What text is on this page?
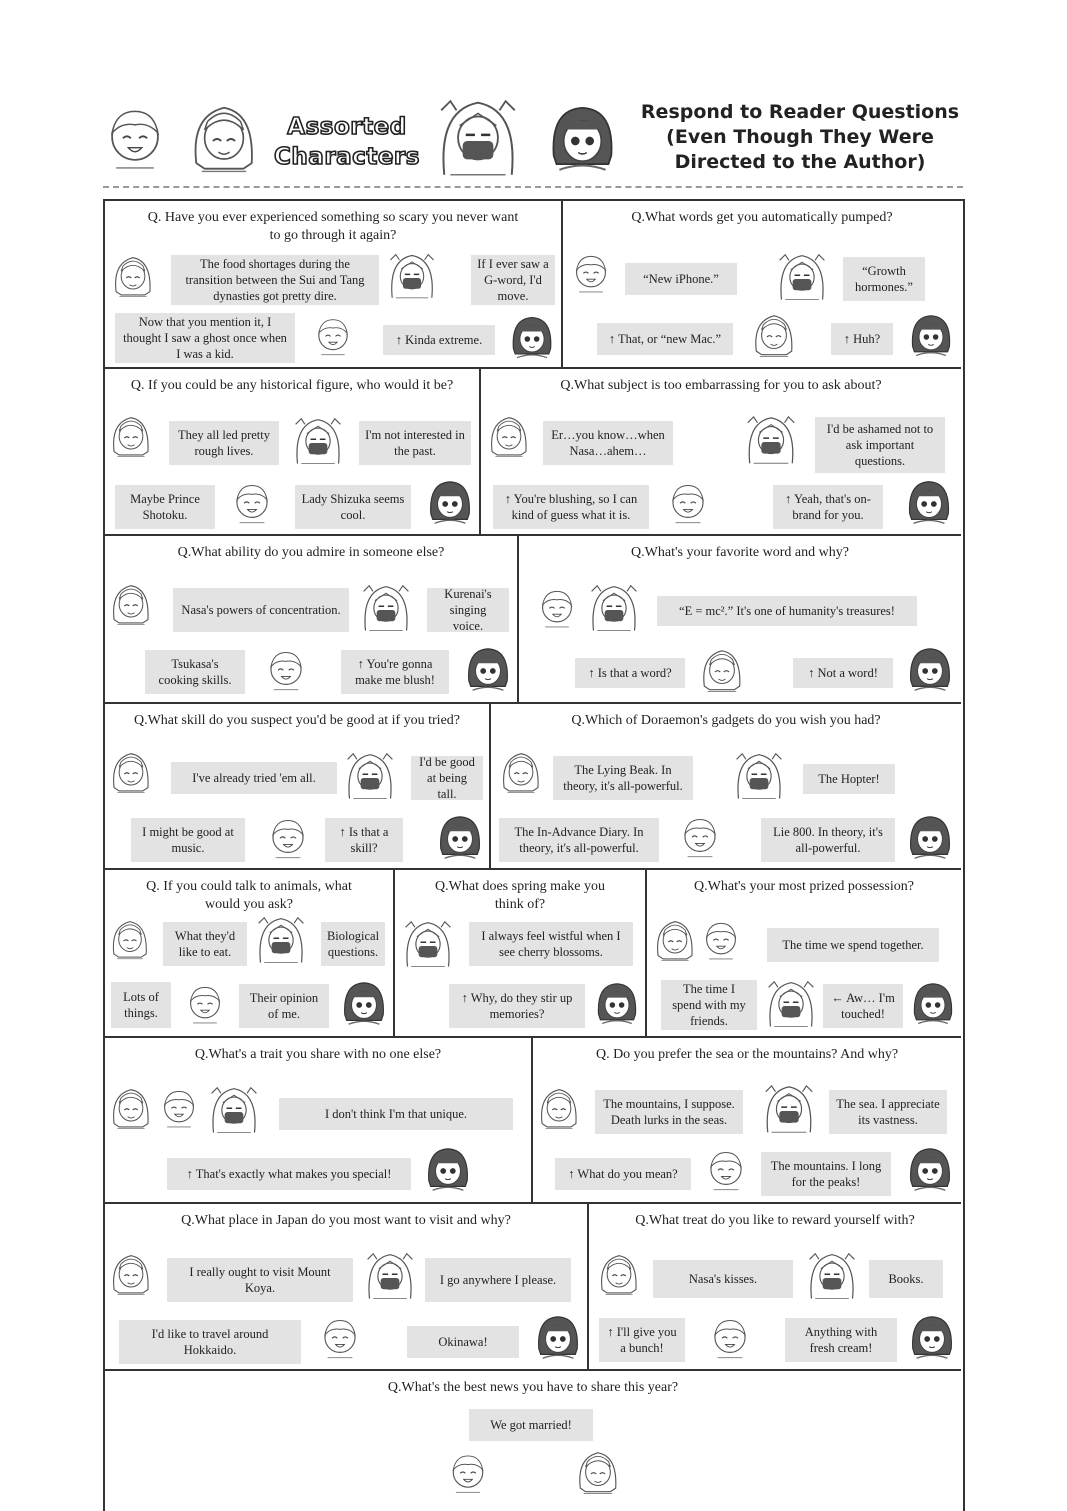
Assorted
Characters
Respond to Reader Questions
(Even Though They Were
Directed to the Author)
Q. Have you ever experienced something so scary you never want to go through it again?
The food shortages during the transition between the Sui and Tang dynasties got pretty dire.
If I ever saw a G-word, I'd move.
Now that you mention it, I thought I saw a ghost once when I was a kid.
↑ Kinda extreme.
Q.What words get you automatically pumped?
“New iPhone.”
“Growth hormones.”
↑ That, or “new Mac.”	↑ Huh?
Q. If you could be any historical figure, who would it be?
They all led pretty rough lives.
I'm not interested in the past.
Maybe Prince Shotoku.
Lady Shizuka seems cool.
Q.What subject is too embarrassing for you to ask about?
Er…you know…when Nasa…ahem…
I'd be ashamed not to ask important questions.
↑ You're blushing, so I can kind of guess what it is.
↑ Yeah, that's on-brand for you.
Q.What ability do you admire in someone else?
Nasa's powers of concentration.
Kurenai's singing voice.
Tsukasa's cooking skills.
↑ You're gonna make me blush!
Q.What's your favorite word and why?
“E = mc².” It's one of humanity's treasures!
↑ Is that a word?	↑ Not a word!
Q.What skill do you suspect you'd be good at if you tried?
I've already tried 'em all.
I'd be good at being tall.
I might be good at music.
↑ Is that a skill?
Q.Which of Doraemon's gadgets do you wish you had?
The Lying Beak. In theory, it's all-powerful.	The Hopter!
The In-Advance Diary. In theory, it's all-powerful.
Lie 800. In theory, it's all-powerful.
Q. If you could talk to animals, what would you ask?
What they'd like to eat.
Biological questions.
Lots of things.
Their opinion of me.
Q.What does spring make you think of?
I always feel wistful when I see cherry blossoms.
↑ Why, do they stir up memories?
Q.What's your most prized possession?
The time we spend together.
The time I spend with my friends.
← Aw… I'm touched!
Q.What's a trait you share with no one else?
I don't think I'm that unique.
↑ That's exactly what makes you special!
Q. Do you prefer the sea or the mountains? And why?
The mountains, I suppose. Death lurks in the seas.
The sea. I appreciate its vastness.
↑ What do you mean?
The mountains. I long for the peaks!
Q.What place in Japan do you most want to visit and why?
I really ought to visit Mount Koya.
I go anywhere I please.
I'd like to travel around Hokkaido.
Okinawa!
Q.What treat do you like to reward yourself with?
Nasa's kisses.	Books.
↑ I'll give you a bunch!
Anything with fresh cream!
Q.What's the best news you have to share this year?
We got married!
